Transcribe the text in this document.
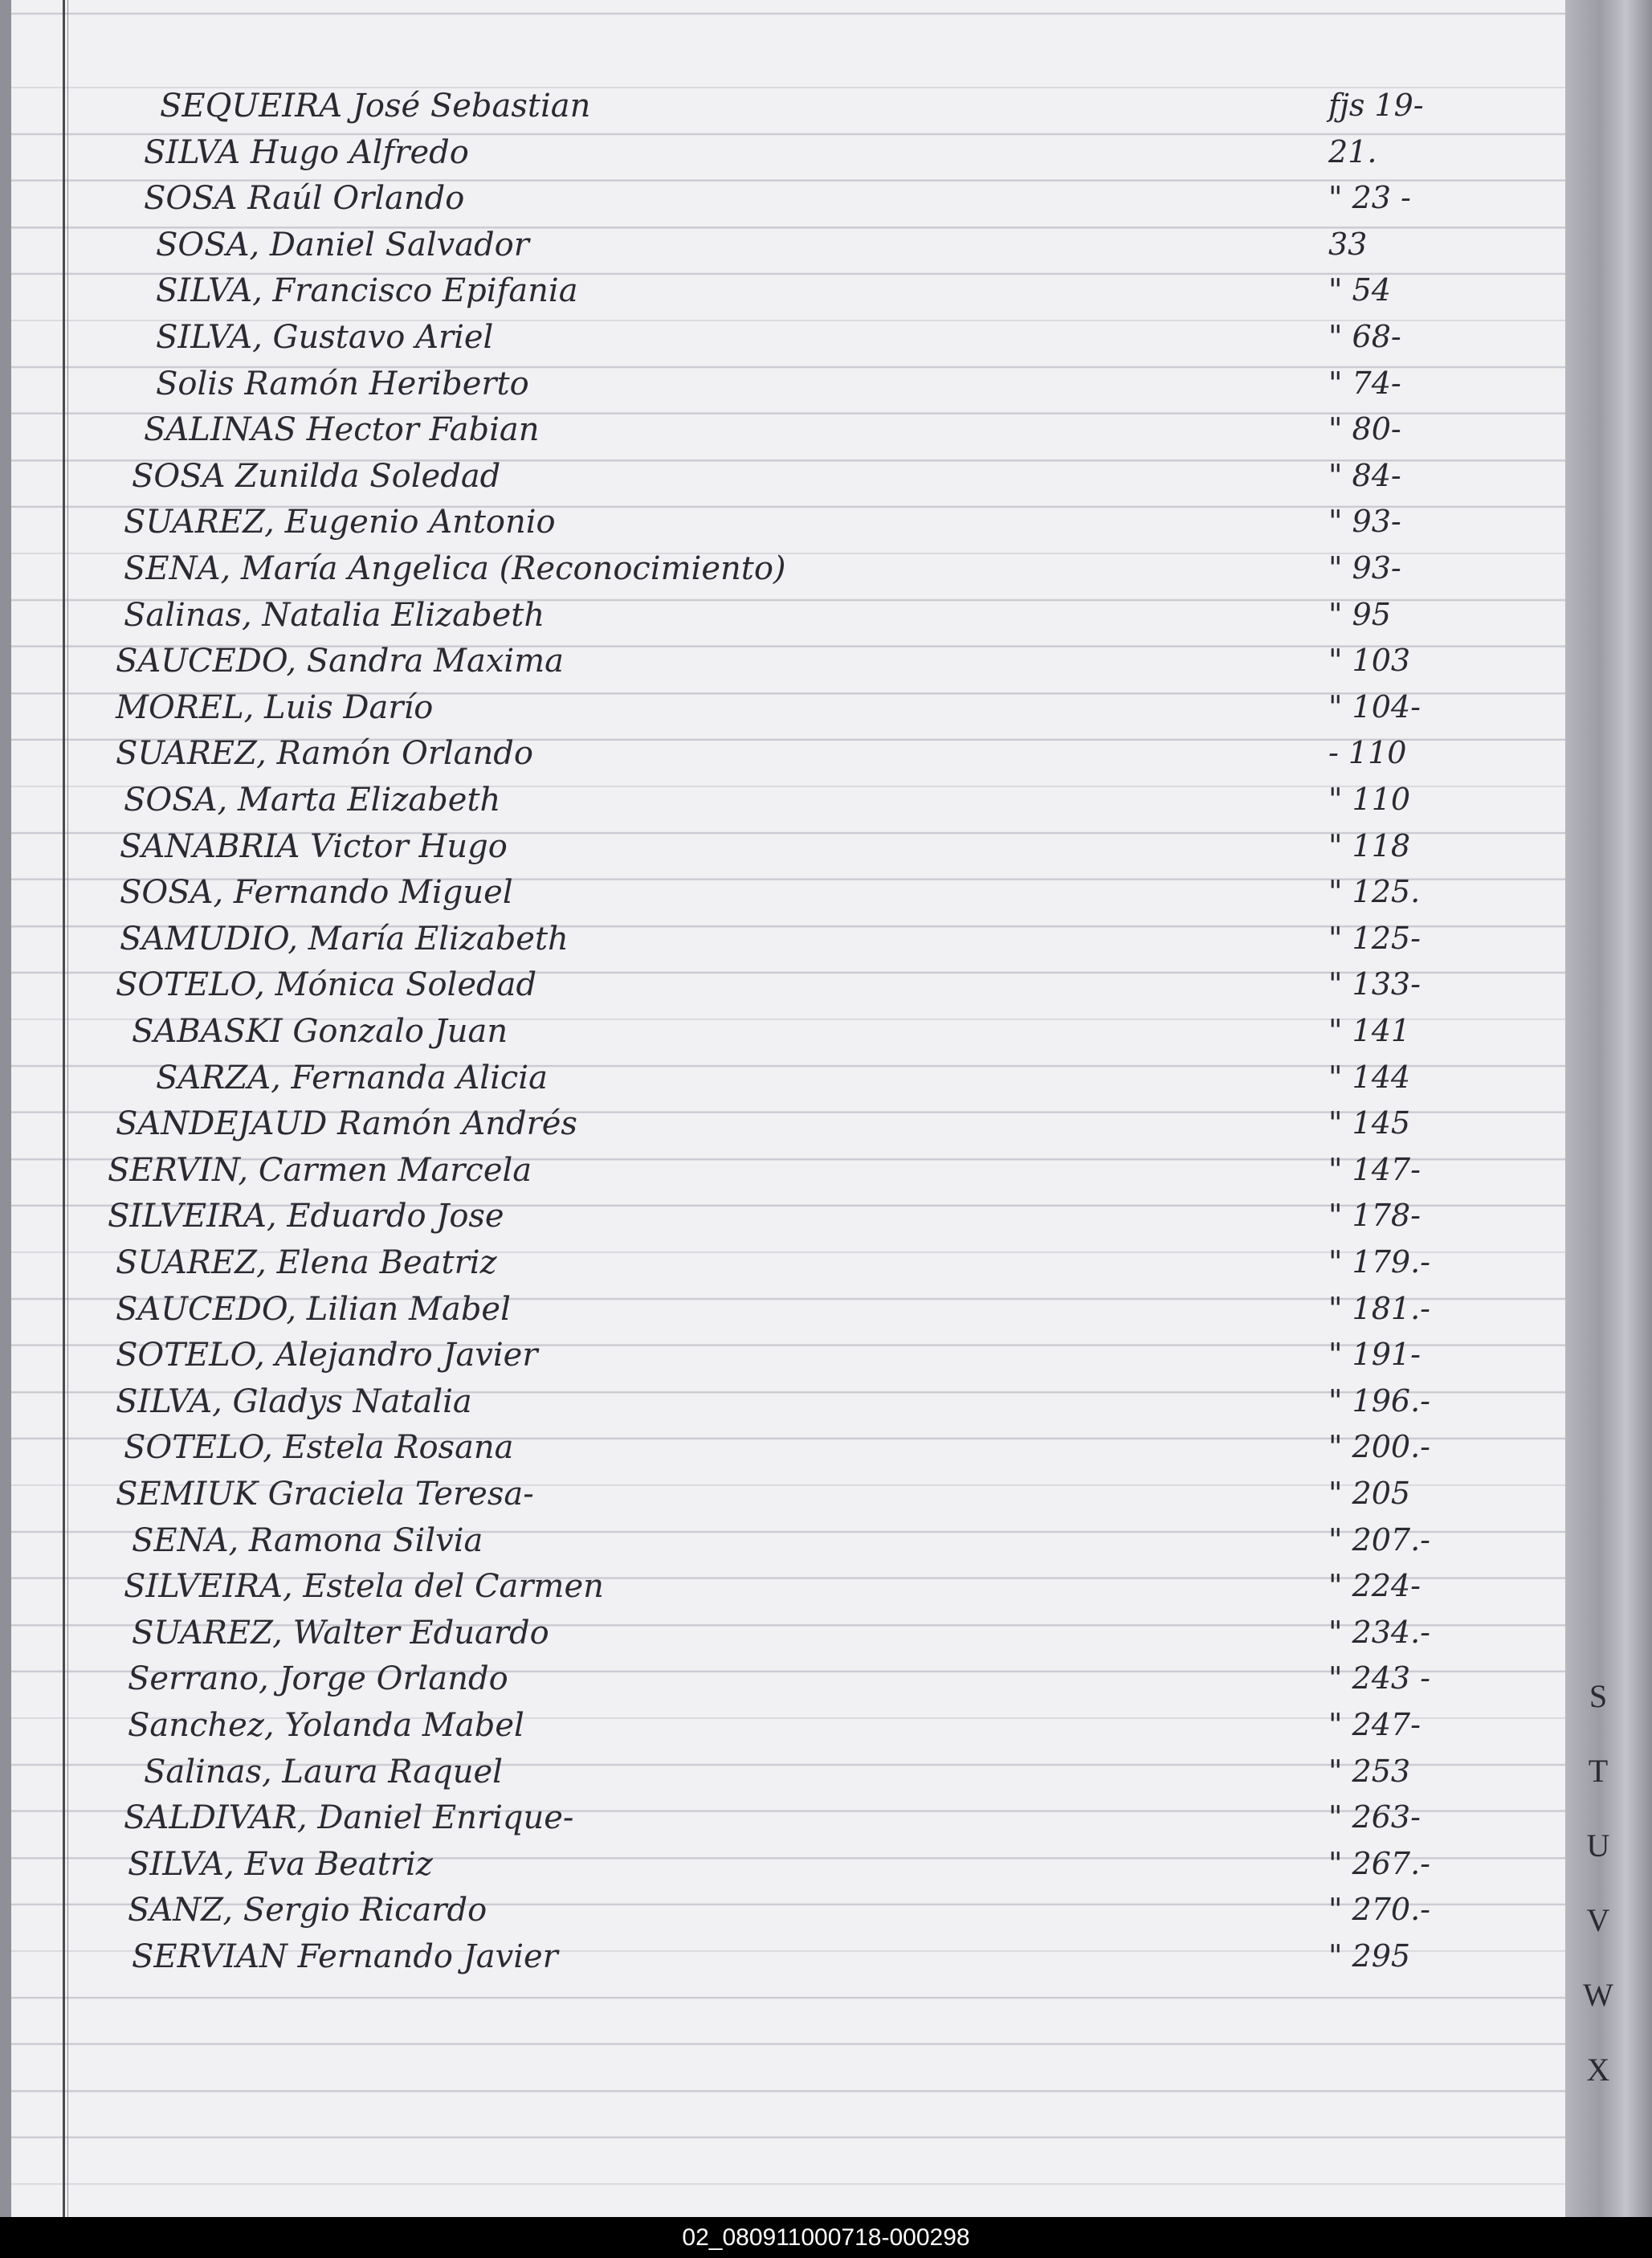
SEQUEIRA José Sebastian	fjs 19-
SILVA Hugo Alfredo	21.
SOSA Raúl Orlando	" 23 -
SOSA, Daniel Salvador	33
SILVA, Francisco Epifania	" 54
SILVA, Gustavo Ariel	" 68-
Solis Ramón Heriberto	" 74-
SALINAS Hector Fabian	" 80-
SOSA Zunilda Soledad	" 84-
SUAREZ, Eugenio Antonio	" 93-
SENA, María Angelica (Reconocimiento)	" 93-
Salinas, Natalia Elizabeth	" 95
SAUCEDO, Sandra Maxima	" 103
MOREL, Luis Darío	" 104-
SUAREZ, Ramón Orlando	- 110
SOSA, Marta Elizabeth	" 110
SANABRIA Victor Hugo	" 118
SOSA, Fernando Miguel	" 125.
SAMUDIO, María Elizabeth	" 125-
SOTELO, Mónica Soledad	" 133-
SABASKI Gonzalo Juan	" 141
SARZA, Fernanda Alicia	" 144
SANDEJAUD Ramón Andrés	" 145
SERVIN, Carmen Marcela	" 147-
SILVEIRA, Eduardo Jose	" 178-
SUAREZ, Elena Beatriz	" 179.-
SAUCEDO, Lilian Mabel	" 181.-
SOTELO, Alejandro Javier	" 191-
SILVA, Gladys Natalia	" 196.-
SOTELO, Estela Rosana	" 200.-
SEMIUK Graciela Teresa-	" 205
SENA, Ramona Silvia	" 207.-
SILVEIRA, Estela del Carmen	" 224-
SUAREZ, Walter Eduardo	" 234.-
Serrano, Jorge Orlando	" 243 -
Sanchez, Yolanda Mabel	" 247-
Salinas, Laura Raquel	" 253
SALDIVAR, Daniel Enrique-	" 263-
SILVA, Eva Beatriz	" 267.-
SANZ, Sergio Ricardo	" 270.-
SERVIAN Fernando Javier	" 295
S
T
U
V
W
X
02_080911000718-000298
